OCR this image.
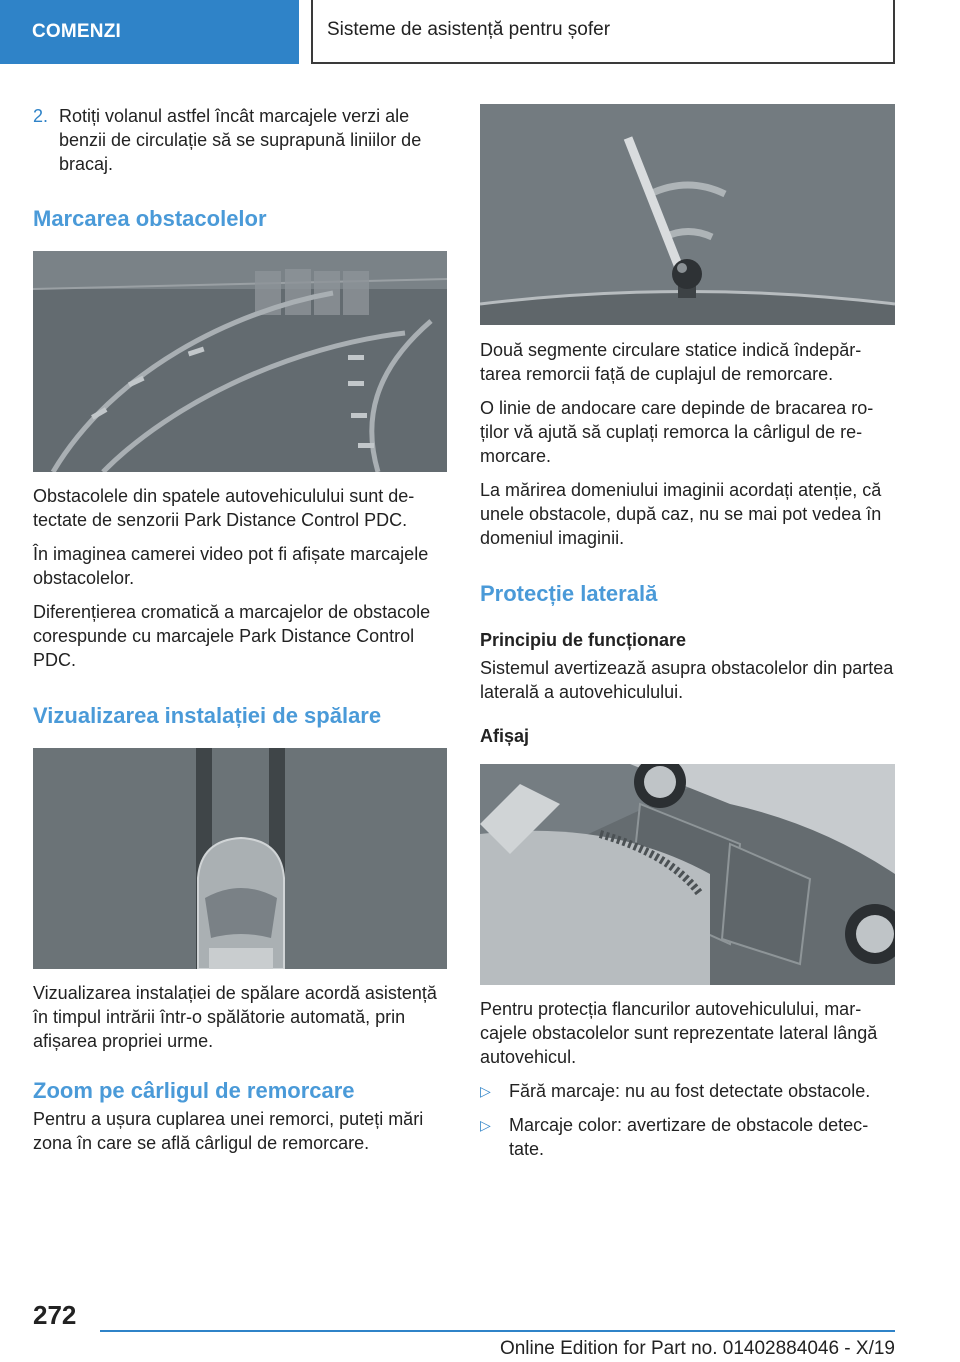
COMENZI	Sisteme de asistență pentru șofer
2. Rotiți volanul astfel încât marcajele verzi ale benzii de circulație să se suprapună liniilor de bracaj.

Marcarea obstacolelor

Obstacolele din spatele autovehiculului sunt detectate de senzorii Park Distance Control PDC.

În imaginea camerei video pot fi afișate marcajele obstacolelor.

Diferențierea cromatică a marcajelor de obstacole corespunde cu marcajele Park Distance Control PDC.

Vizualizarea instalației de spălare

Vizualizarea instalației de spălare acordă asistență în timpul intrării într-o spălătorie automată, prin afișarea propriei urme.

Zoom pe cârligul de remorcare

Pentru a ușura cuplarea unei remorci, puteți mări zona în care se află cârligul de remorcare.

Două segmente circulare statice indică îndepărtarea remorcii față de cuplajul de remorcare.

O linie de andocare care depinde de bracarea roților vă ajută să cuplați remorca la cârligul de remorcare.

La mărirea domeniului imaginii acordați atenție, că unele obstacole, după caz, nu se mai pot vedea în domeniul imaginii.

Protecție laterală

Principiu de funcționare

Sistemul avertizează asupra obstacolelor din partea laterală a autovehiculului.

Afișaj

Pentru protecția flancurilor autovehiculului, marcajele obstacolelor sunt reprezentate lateral lângă autovehicul.

▷	Fără marcaje: nu au fost detectate obstacole.
▷	Marcaje color: avertizare de obstacole detectate.
272
Online Edition for Part no. 01402884046 - X/19
